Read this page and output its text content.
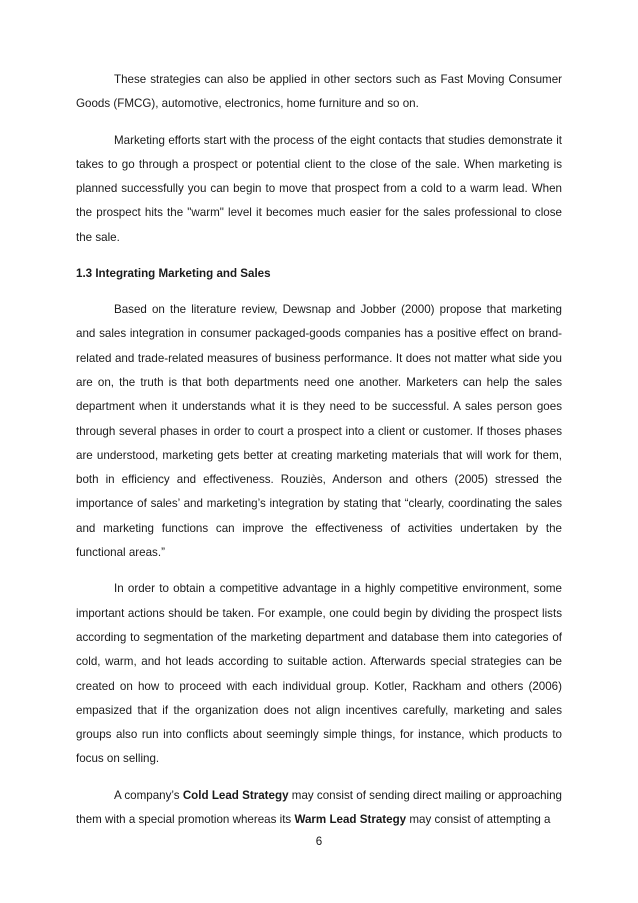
These strategies can also be applied in other sectors such as Fast Moving Consumer Goods (FMCG), automotive, electronics, home furniture and so on.

Marketing efforts start with the process of the eight contacts that studies demonstrate it takes to go through a prospect or potential client to the close of the sale. When marketing is planned successfully you can begin to move that prospect from a cold to a warm lead. When the prospect hits the "warm" level it becomes much easier for the sales professional to close the sale.

1.3 Integrating Marketing and Sales

Based on the literature review, Dewsnap and Jobber (2000) propose that marketing and sales integration in consumer packaged-goods companies has a positive effect on brand-related and trade-related measures of business performance. It does not matter what side you are on, the truth is that both departments need one another. Marketers can help the sales department when it understands what it is they need to be successful. A sales person goes through several phases in order to court a prospect into a client or customer. If thoses phases are understood, marketing gets better at creating marketing materials that will work for them, both in efficiency and effectiveness. Rouziès, Anderson and others (2005) stressed the importance of sales’ and marketing’s integration by stating that “clearly, coordinating the sales and marketing functions can improve the effectiveness of activities undertaken by the functional areas.”

In order to obtain a competitive advantage in a highly competitive environment, some important actions should be taken. For example, one could begin by dividing the prospect lists according to segmentation of the marketing department and database them into categories of cold, warm, and hot leads according to suitable action. Afterwards special strategies can be created on how to proceed with each individual group. Kotler, Rackham and others (2006) empasized that if the organization does not align incentives carefully, marketing and sales groups also run into conflicts about seemingly simple things, for instance, which products to focus on selling.

A company’s Cold Lead Strategy may consist of sending direct mailing or approaching them with a special promotion whereas its Warm Lead Strategy may consist of attempting a

6
